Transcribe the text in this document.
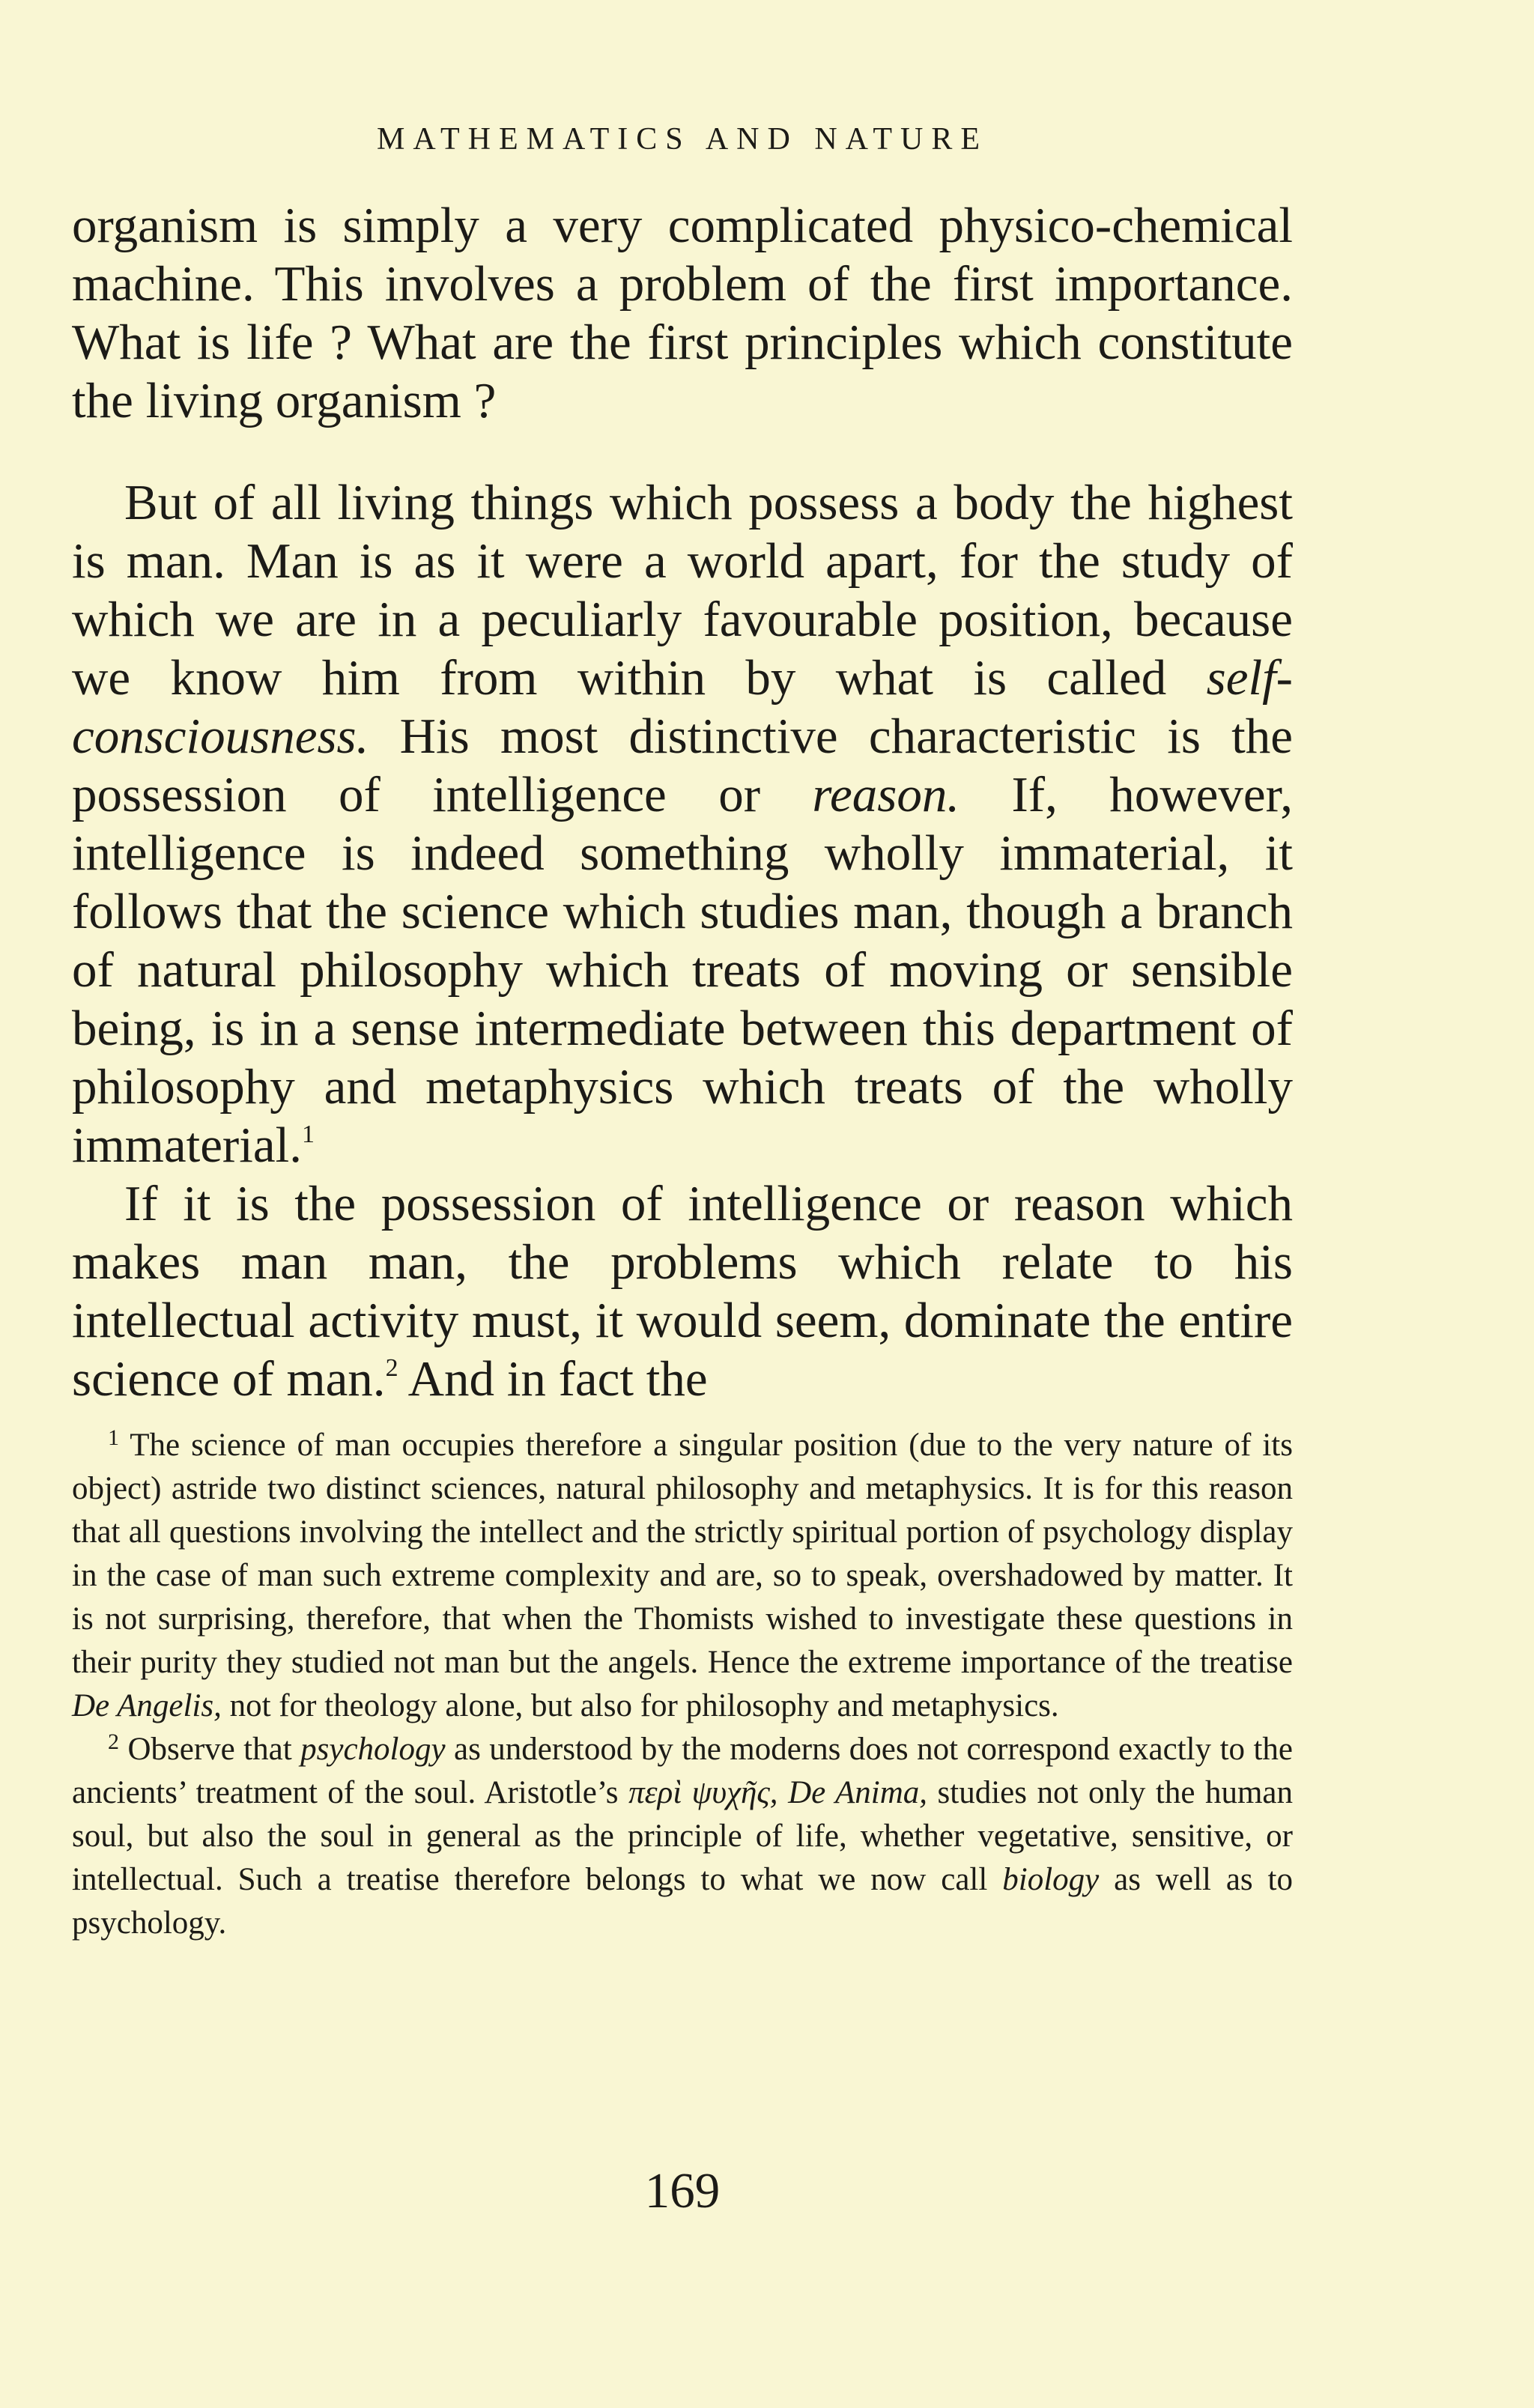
MATHEMATICS AND NATURE

organism is simply a very complicated physico-chemical machine. This involves a problem of the first importance. What is life ? What are the first principles which constitute the living organism ?

But of all living things which possess a body the highest is man. Man is as it were a world apart, for the study of which we are in a peculiarly favourable position, because we know him from within by what is called self-consciousness. His most distinctive characteristic is the possession of intelligence or reason. If, however, intelligence is indeed something wholly immaterial, it follows that the science which studies man, though a branch of natural philosophy which treats of moving or sensible being, is in a sense intermediate between this department of philosophy and metaphysics which treats of the wholly immaterial.$^1$

If it is the possession of intelligence or reason which makes man man, the problems which relate to his intellectual activity must, it would seem, dominate the entire science of man.$^2$ And in fact the

$^1$ The science of man occupies therefore a singular position (due to the very nature of its object) astride two distinct sciences, natural philosophy and metaphysics. It is for this reason that all questions involving the intellect and the strictly spiritual portion of psychology display in the case of man such extreme complexity and are, so to speak, overshadowed by matter. It is not surprising, therefore, that when the Thomists wished to investigate these questions in their purity they studied not man but the angels. Hence the extreme importance of the treatise De Angelis, not for theology alone, but also for philosophy and metaphysics.

$^2$ Observe that psychology as understood by the moderns does not correspond exactly to the ancients’ treatment of the soul. Aristotle’s περὶ ψυχῆς, De Anima, studies not only the human soul, but also the soul in general as the principle of life, whether vegetative, sensitive, or intellectual. Such a treatise therefore belongs to what we now call biology as well as to psychology.

169
